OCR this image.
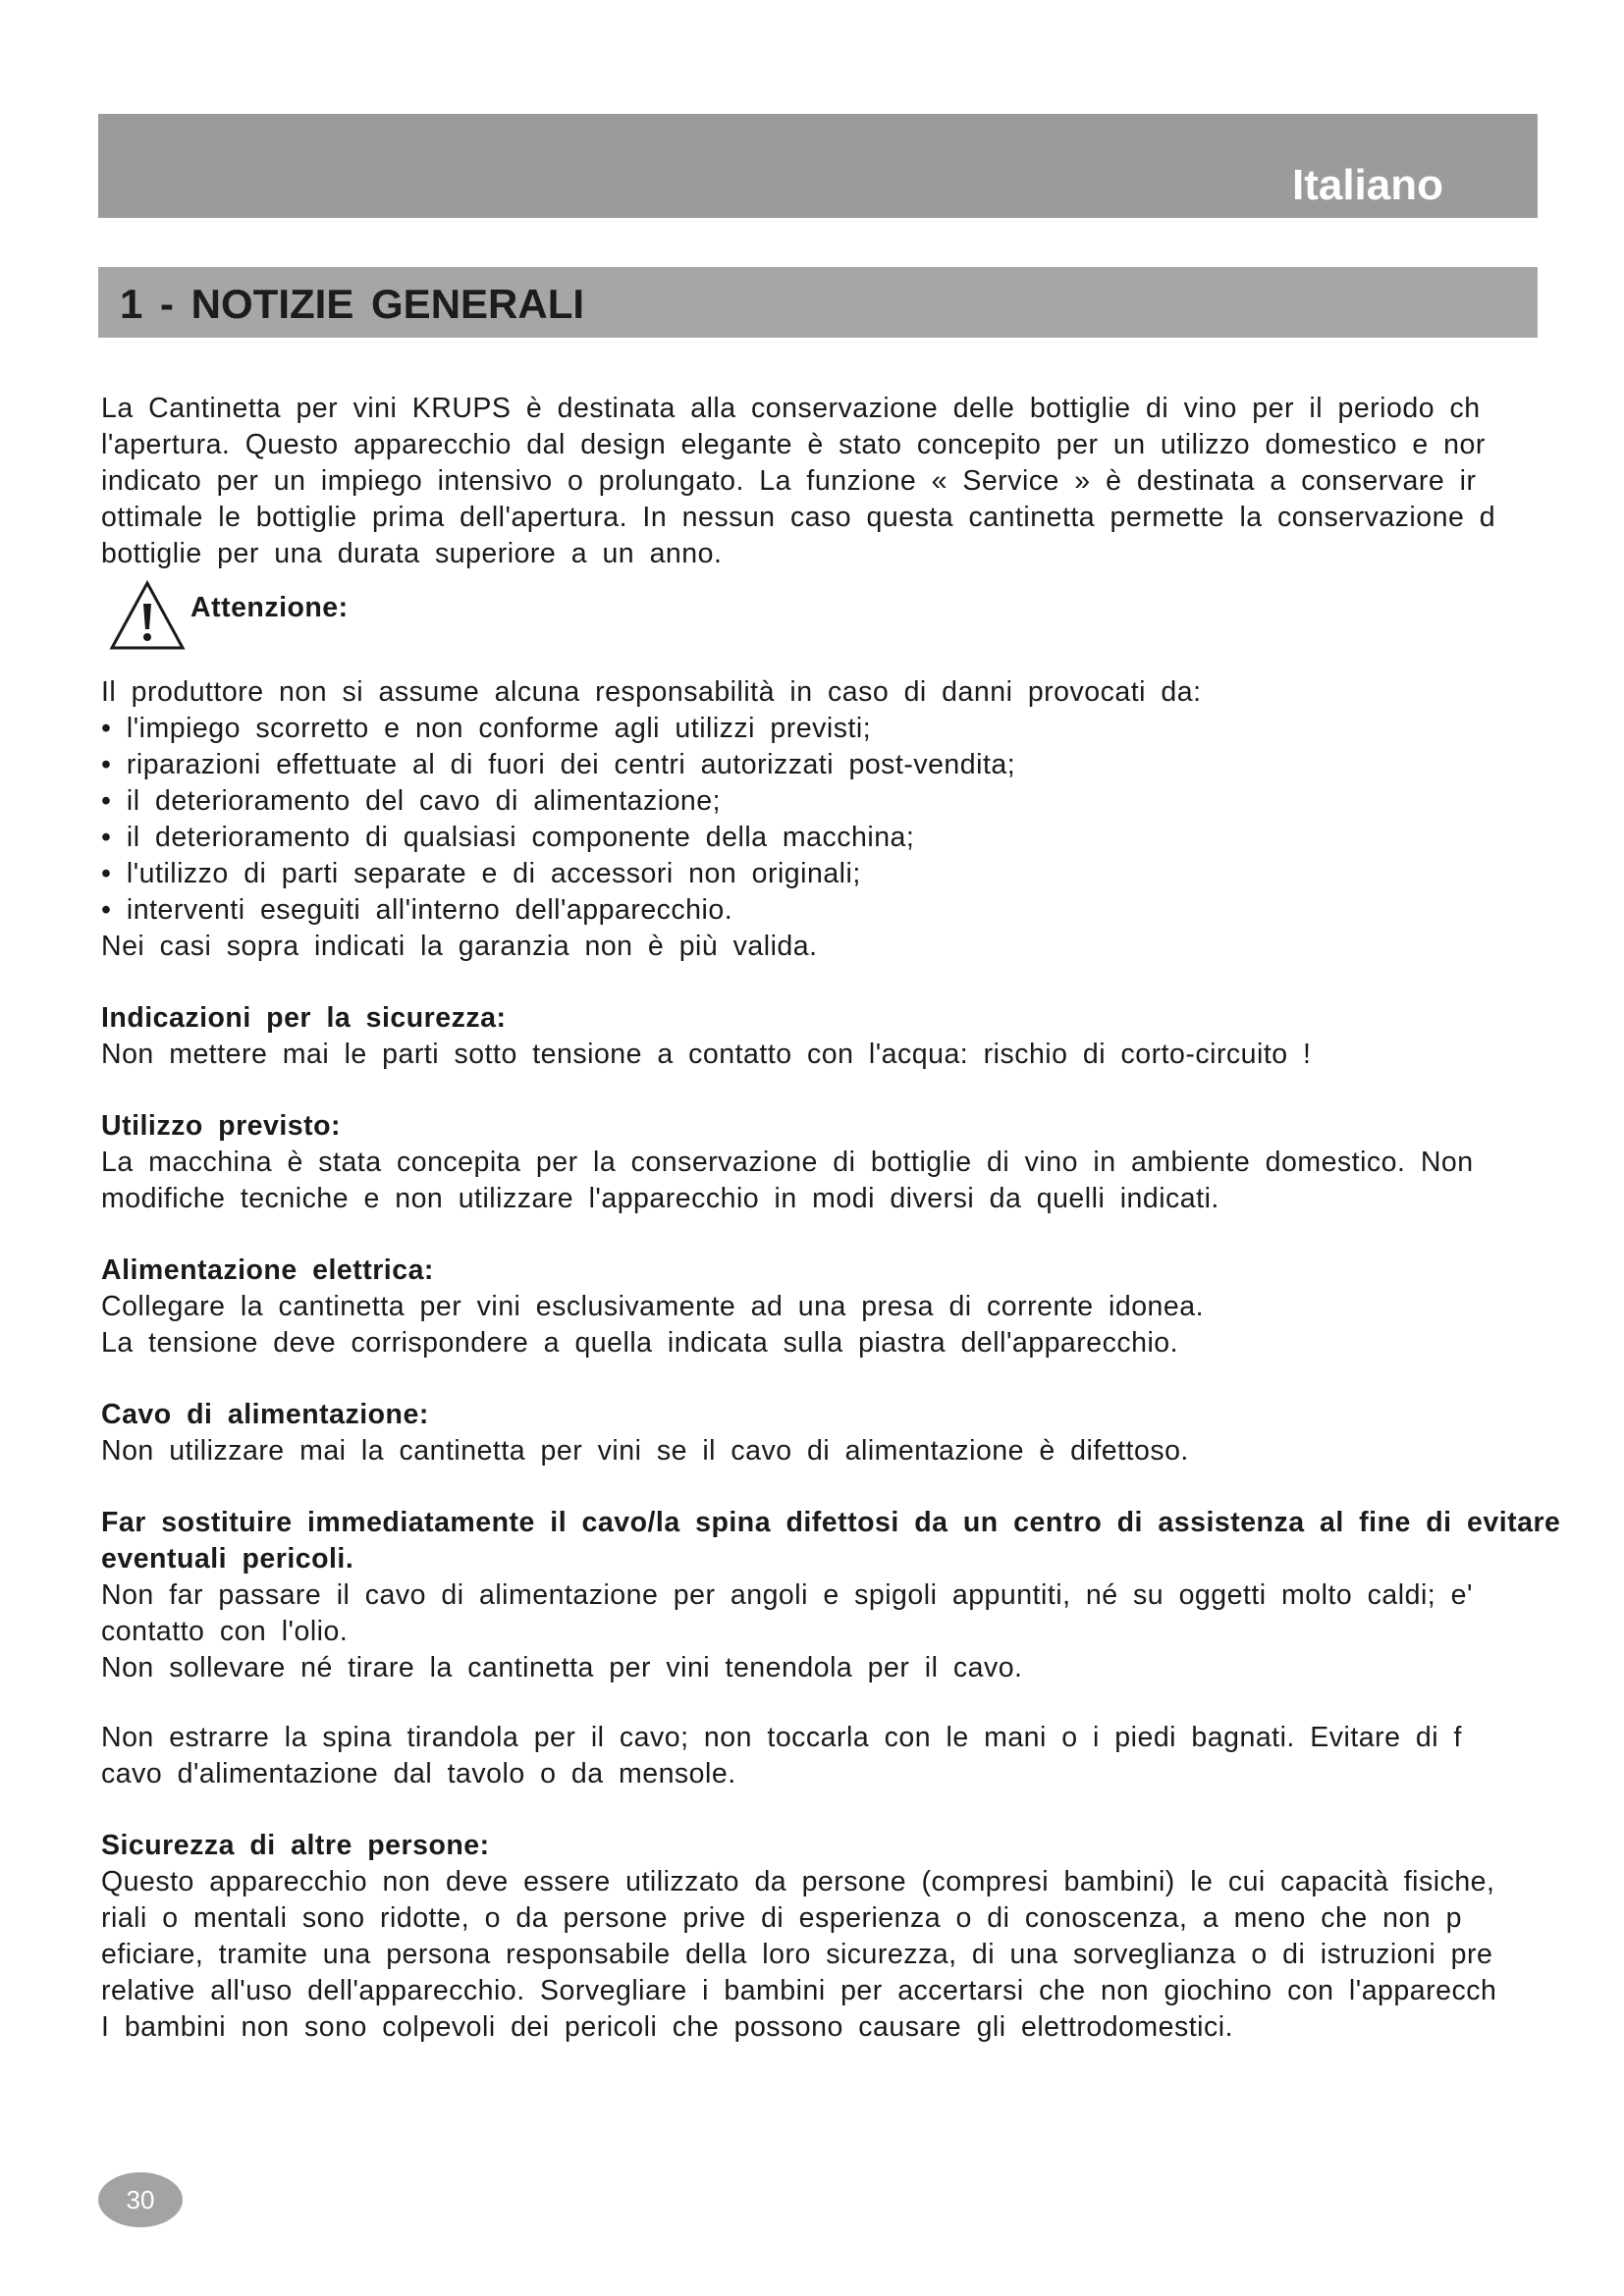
Italiano
1 - NOTIZIE GENERALI
La Cantinetta per vini KRUPS è destinata alla conservazione delle bottiglie di vino per il periodo ch
l'apertura. Questo apparecchio dal design elegante è stato concepito per un utilizzo domestico e nor
indicato per un impiego intensivo o prolungato. La funzione « Service » è destinata a conservare ir
ottimale le bottiglie prima dell'apertura. In nessun caso questa cantinetta permette la conservazione d
bottiglie per una durata superiore a un anno.
Attenzione:
Il produttore non si assume alcuna responsabilità in caso di danni provocati da:
• l'impiego scorretto e non conforme agli utilizzi previsti;
• riparazioni effettuate al di fuori dei centri autorizzati post-vendita;
• il deterioramento del cavo di alimentazione;
• il deterioramento di qualsiasi componente della macchina;
• l'utilizzo di parti separate e di accessori non originali;
• interventi eseguiti all'interno dell'apparecchio.
Nei casi sopra indicati la garanzia non è più valida.
Indicazioni per la sicurezza:
Non mettere mai le parti sotto tensione a contatto con l'acqua: rischio di corto-circuito !
Utilizzo previsto:
La macchina è stata concepita per la conservazione di bottiglie di vino in ambiente domestico. Non
modifiche tecniche e non utilizzare l'apparecchio in modi diversi da quelli indicati.
Alimentazione elettrica:
Collegare la cantinetta per vini esclusivamente ad una presa di corrente idonea.
La tensione deve corrispondere a quella indicata sulla piastra dell'apparecchio.
Cavo di alimentazione:
Non utilizzare mai la cantinetta per vini se il cavo di alimentazione è difettoso.
Far sostituire immediatamente il cavo/la spina difettosi da un centro di assistenza al fine di evitare
eventuali pericoli.
Non far passare il cavo di alimentazione per angoli e spigoli appuntiti, né su oggetti molto caldi; e'
contatto con l'olio.
Non sollevare né tirare la cantinetta per vini tenendola per il cavo.
Non estrarre la spina tirandola per il cavo; non toccarla con le mani o i piedi bagnati. Evitare di f
cavo d'alimentazione dal tavolo o da mensole.
Sicurezza di altre persone:
Questo apparecchio non deve essere utilizzato da persone (compresi bambini) le cui capacità fisiche,
riali o mentali sono ridotte, o da persone prive di esperienza o di conoscenza, a meno che non p
eficiare, tramite una persona responsabile della loro sicurezza, di una sorveglianza o di istruzioni pre
relative all'uso dell'apparecchio. Sorvegliare i bambini per accertarsi che non giochino con l'apparecch
I bambini non sono colpevoli dei pericoli che possono causare gli elettrodomestici.
30
